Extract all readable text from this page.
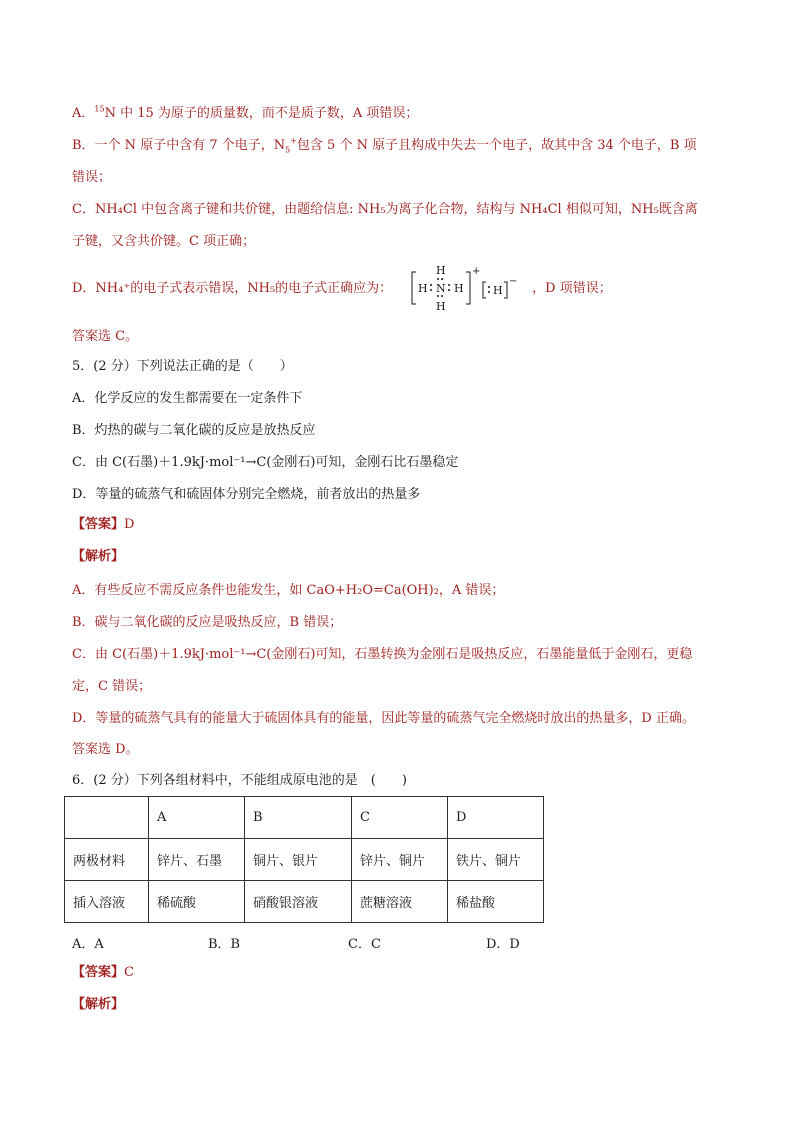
A．$^{15}$N 中 15 为原子的质量数，而不是质子数，A 项错误；
B．一个 N 原子中含有 7 个电子，$N_5^+$包含 5 个 N 原子且构成中失去一个电子，故其中含 34 个电子，B 项
错误；
C．NH₄Cl 中包含离子键和共价键，由题给信息: NH₅为离子化合物，结构与 NH₄Cl 相似可知，NH₅既含离
子键，又含共价键。C 项正确；
D．NH₄⁺的电子式表示错误，NH₅的电子式正确应为：	，D 项错误；
H N H
H
H
+
H
−
答案选 C。
5．(2 分）下列说法正确的是（　　）
A．化学反应的发生都需要在一定条件下
B．灼热的碳与二氧化碳的反应是放热反应
C．由 C(石墨)＋1.9kJ·mol⁻¹→C(金刚石)可知，金刚石比石墨稳定
D．等量的硫蒸气和硫固体分别完全燃烧，前者放出的热量多
【答案】D
【解析】
A．有些反应不需反应条件也能发生，如 CaO+H₂O=Ca(OH)₂，A 错误；
B．碳与二氧化碳的反应是吸热反应，B 错误；
C．由 C(石墨)＋1.9kJ·mol⁻¹→C(金刚石)可知，石墨转换为金刚石是吸热反应，石墨能量低于金刚石，更稳
定，C 错误；
D．等量的硫蒸气具有的能量大于硫固体具有的能量，因此等量的硫蒸气完全燃烧时放出的热量多，D 正确。
答案选 D。
6．(2 分）下列各组材料中，不能组成原电池的是　(　　)
	A	B	C	D
两极材料	锌片、石墨	铜片、银片	锌片、铜片	铁片、铜片
插入溶液	稀硫酸	硝酸银溶液	蔗糖溶液	稀盐酸
A．A	B．B	C．C	D．D
【答案】C
【解析】
